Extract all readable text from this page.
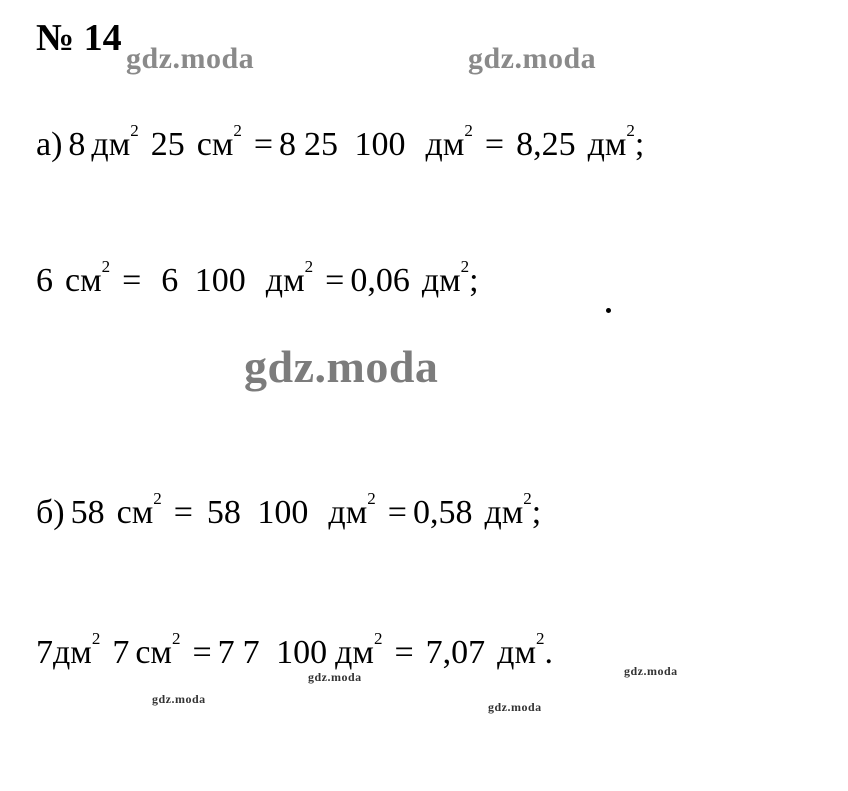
№ 14 gdz.moda	gdz.moda
а) 8 дм 2 25 см 2 = 8 25 100 дм 2 = 8,25 дм 2 ;
6 см 2 = 6 100 дм 2 = 0,06 дм 2 ;
gdz.moda
б) 58 см 2 = 58 100 дм 2 = 0,58 дм 2 ;
7 дм 2 7 см 2 = 7 7 100 дм 2 = 7,07 дм 2 .
gdz.moda
gdz.moda
gdz.moda
gdz.moda
